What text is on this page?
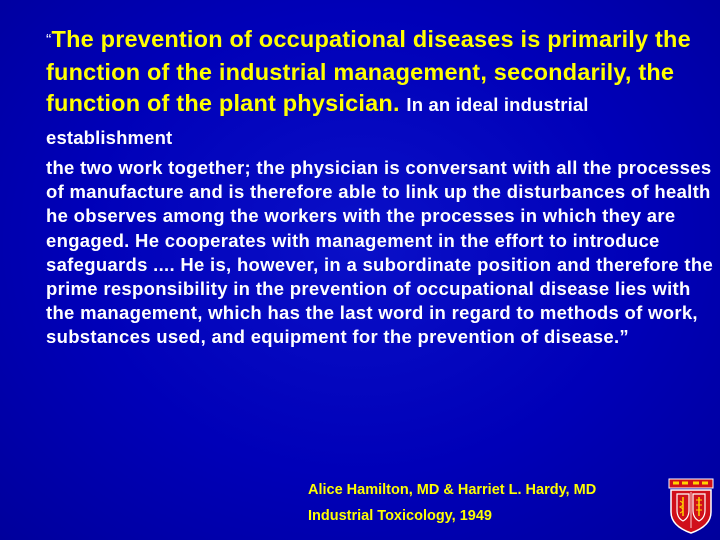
“The prevention of occupational diseases is primarily the function of the industrial management, secondarily, the function of the plant physician. In an ideal industrial establishment

the two work together; the physician is conversant with all the processes of manufacture and is therefore able to link up the disturbances of health he observes among the workers with the processes in which they are engaged. He cooperates with management in the effort to introduce safeguards .... He is, however, in a subordinate position and therefore the prime responsibility in the prevention of occupational disease lies with the management, which has the last word in regard to methods of work, substances used, and equipment for the prevention of disease.”

Alice Hamilton, MD & Harriet L. Hardy, MD
Industrial Toxicology, 1949
